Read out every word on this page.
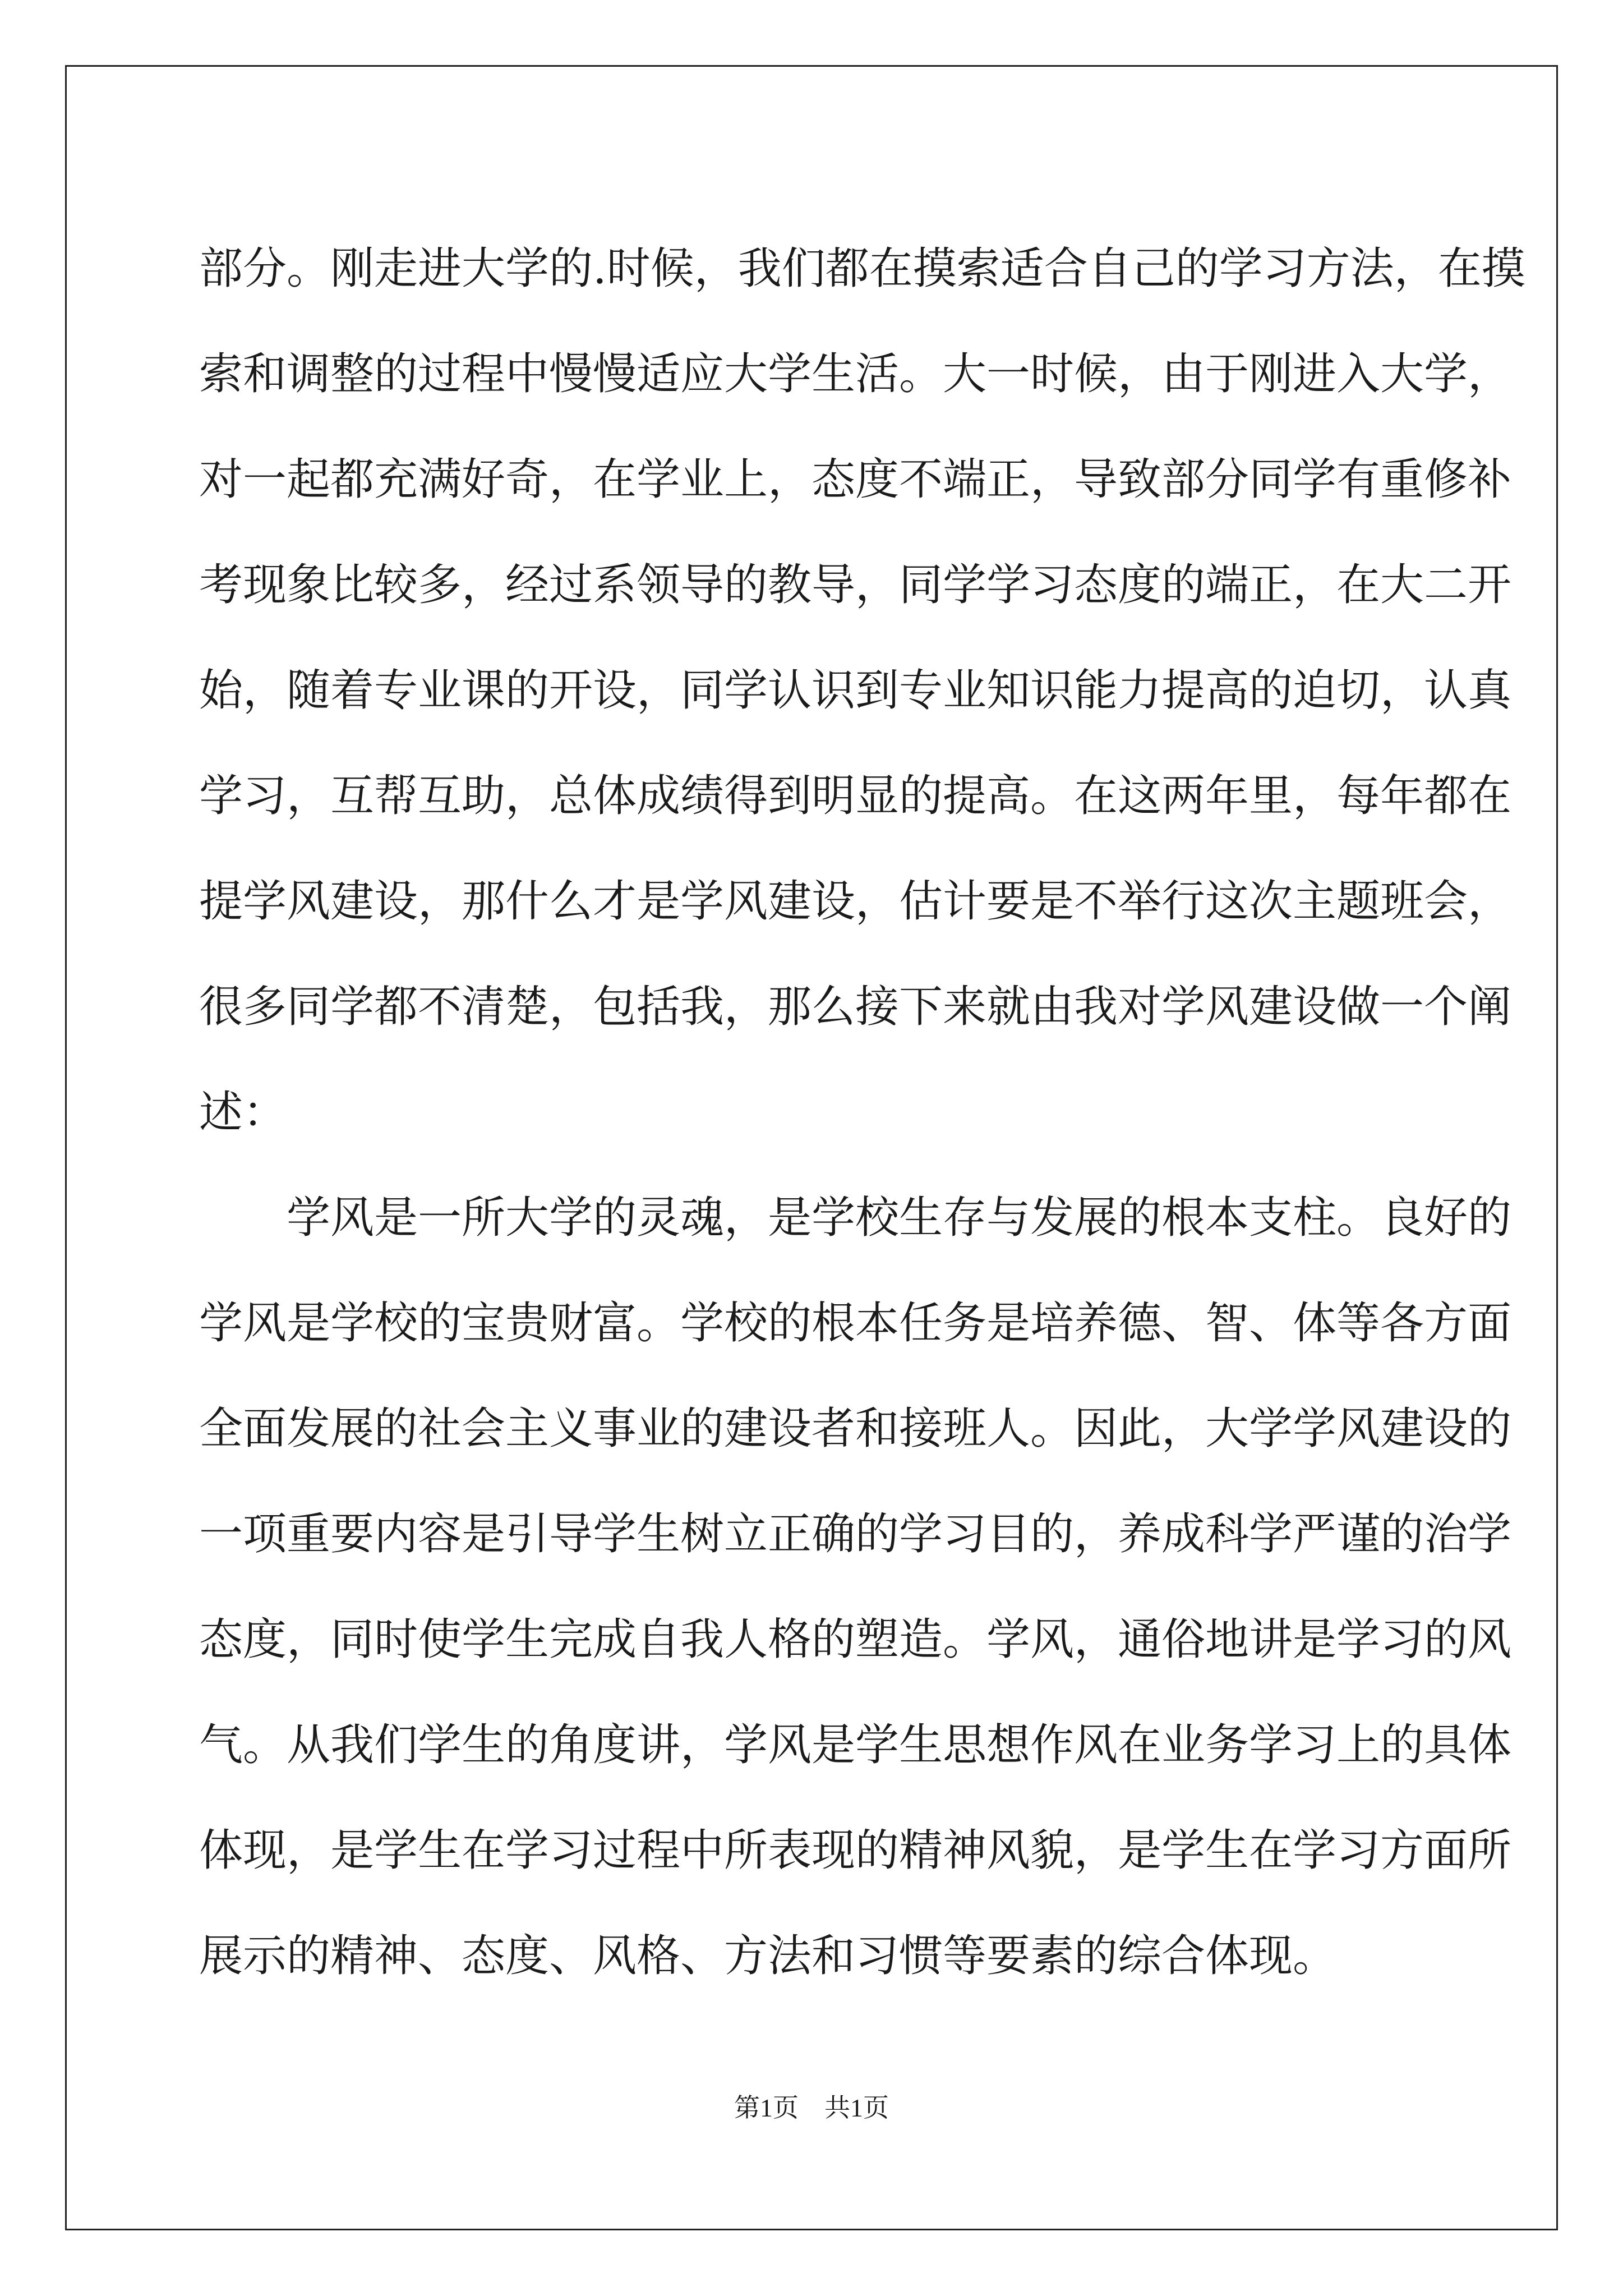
部分。刚走进大学的.时候，我们都在摸索适合自己的学习方法，在摸
索和调整的过程中慢慢适应大学生活。大一时候，由于刚进入大学，
对一起都充满好奇，在学业上，态度不端正，导致部分同学有重修补
考现象比较多，经过系领导的教导，同学学习态度的端正，在大二开
始，随着专业课的开设，同学认识到专业知识能力提高的迫切，认真
学习，互帮互助，总体成绩得到明显的提高。在这两年里，每年都在
提学风建设，那什么才是学风建设，估计要是不举行这次主题班会，
很多同学都不清楚，包括我，那么接下来就由我对学风建设做一个阐
述：
学风是一所大学的灵魂，是学校生存与发展的根本支柱。良好的
学风是学校的宝贵财富。学校的根本任务是培养德、智、体等各方面
全面发展的社会主义事业的建设者和接班人。因此，大学学风建设的
一项重要内容是引导学生树立正确的学习目的，养成科学严谨的治学
态度，同时使学生完成自我人格的塑造。学风，通俗地讲是学习的风
气。从我们学生的角度讲，学风是学生思想作风在业务学习上的具体
体现，是学生在学习过程中所表现的精神风貌，是学生在学习方面所
展示的精神、态度、风格、方法和习惯等要素的综合体现。
第1页　共1页
